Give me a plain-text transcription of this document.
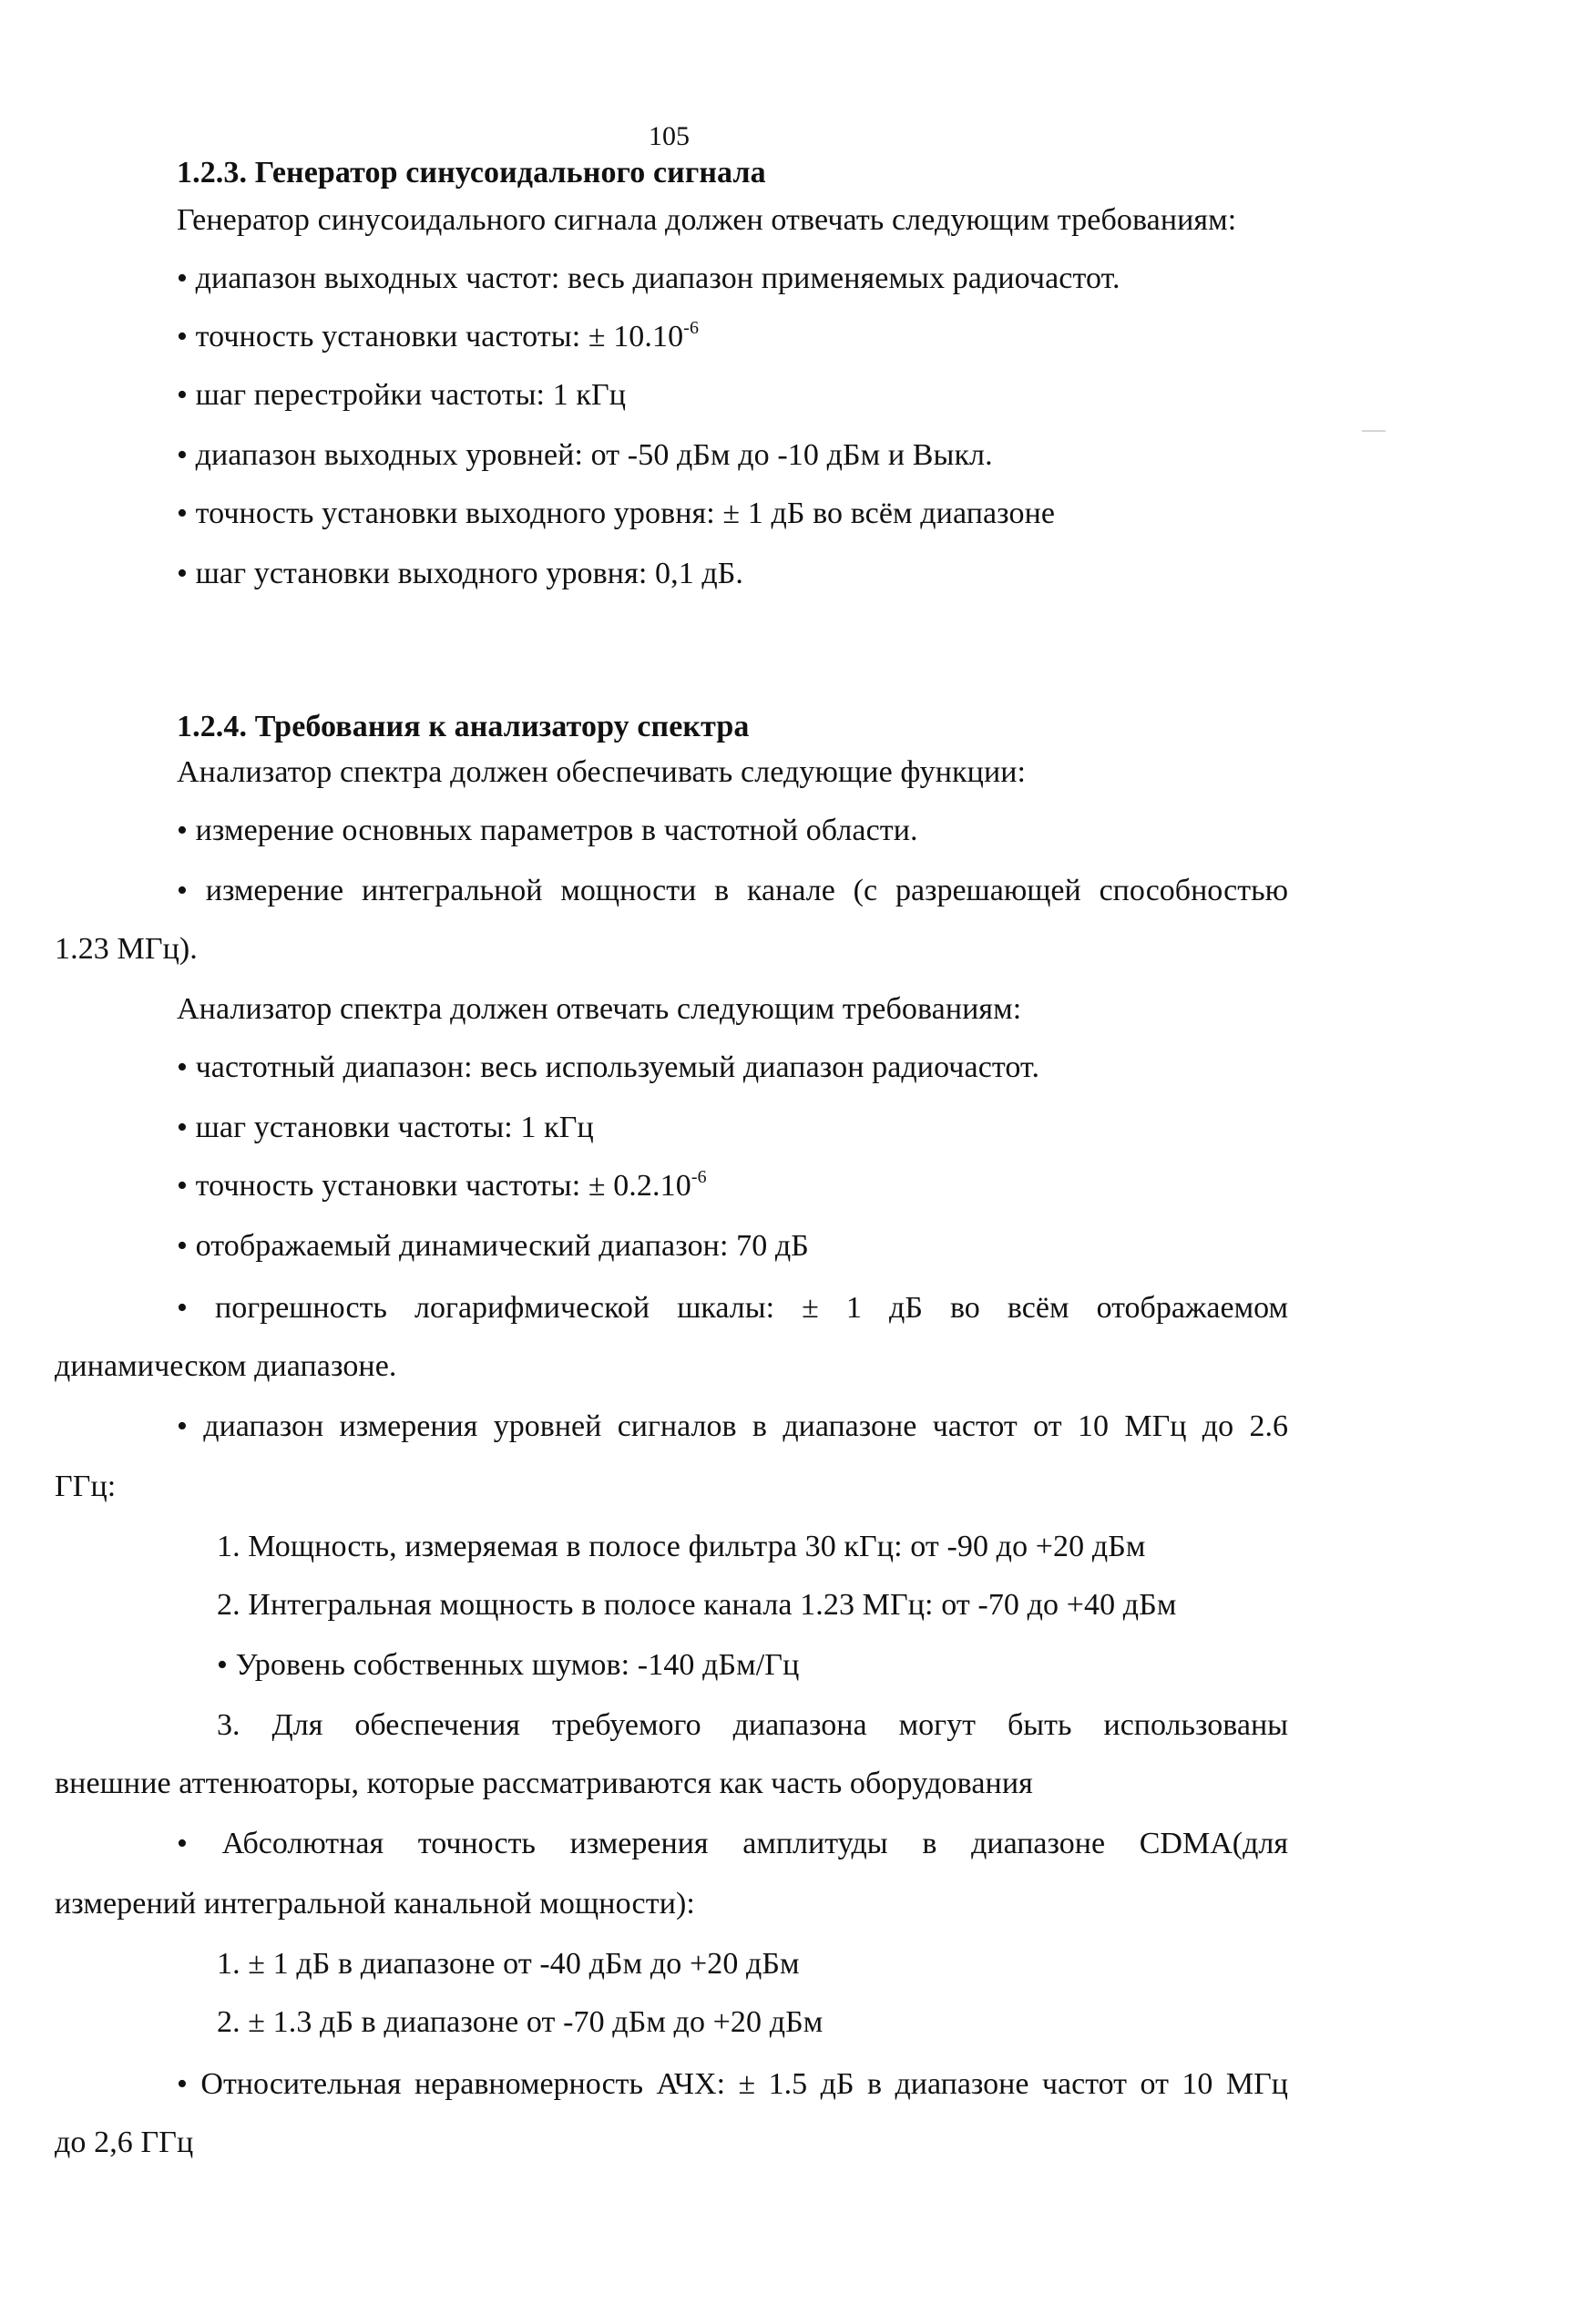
105
1.2.3. Генератор синусоидального сигнала
Генератор синусоидального сигнала должен отвечать следующим требованиям:
• диапазон выходных частот: весь диапазон применяемых радиочастот.
• точность установки частоты: ± $10.10^{-6}$
• шаг перестройки частоты: 1 кГц
• диапазон выходных уровней: от -50 дБм до -10 дБм и Выкл.
• точность установки выходного уровня: ± 1 дБ во всём диапазоне
• шаг установки выходного уровня: 0,1 дБ.
1.2.4. Требования к анализатору спектра
Анализатор спектра должен обеспечивать следующие функции:
• измерение основных параметров в частотной области.
• измерение интегральной мощности в канале (с разрешающей способностью
1.23 МГц).
Анализатор спектра должен отвечать следующим требованиям:
• частотный диапазон: весь используемый диапазон радиочастот.
• шаг установки частоты: 1 кГц
• точность установки частоты: ± $0.2.10^{-6}$
• отображаемый динамический диапазон: 70 дБ
• погрешность логарифмической шкалы: ± 1 дБ во всём отображаемом
динамическом диапазоне.
• диапазон измерения уровней сигналов в диапазоне частот от 10 МГц до 2.6
ГГц:
1. Мощность, измеряемая в полосе фильтра 30 кГц: от -90 до +20 дБм
2. Интегральная мощность в полосе канала 1.23 МГц: от -70 до +40 дБм
• Уровень собственных шумов: -140 дБм/Гц
3. Для обеспечения требуемого диапазона могут быть использованы
внешние аттенюаторы, которые рассматриваются как часть оборудования
• Абсолютная точность измерения амплитуды в диапазоне CDMA(для
измерений интегральной канальной мощности):
1. ± 1 дБ в диапазоне от -40 дБм до +20 дБм
2. ± 1.3 дБ в диапазоне от -70 дБм до +20 дБм
• Относительная неравномерность АЧХ: ± 1.5 дБ в диапазоне частот от 10 МГц
до 2,6 ГГц
